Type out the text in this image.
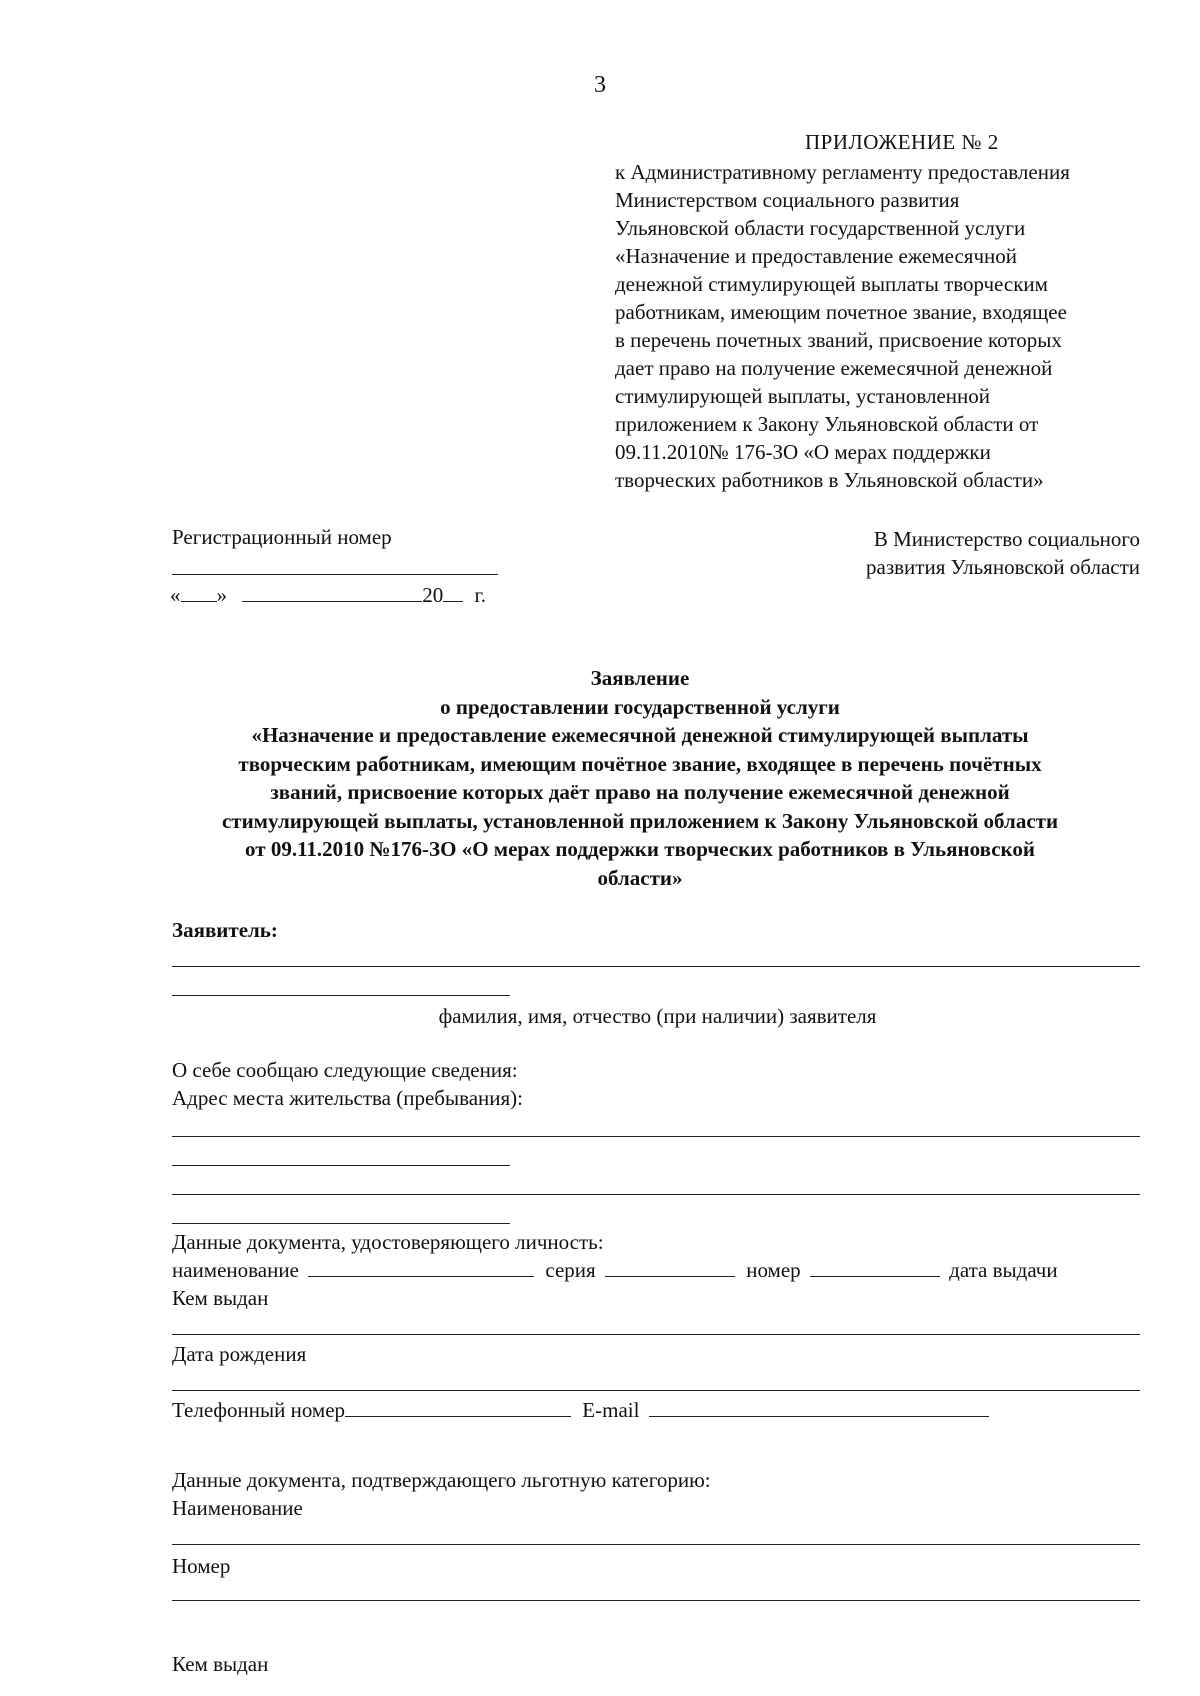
3
ПРИЛОЖЕНИЕ № 2
к Административному регламенту предоставления
Министерством социального развития
Ульяновской области государственной услуги
«Назначение и предоставление ежемесячной
денежной стимулирующей выплаты творческим
работникам, имеющим почетное звание, входящее
в перечень почетных званий, присвоение которых
дает право на получение ежемесячной денежной
стимулирующей выплаты, установленной
приложением к Закону Ульяновской области от
09.11.2010№ 176-ЗО «О мерах поддержки
творческих работников в Ульяновской области»
Регистрационный номер
« »	20 г.
В Министерство социального
развития Ульяновской области
Заявление
о предоставлении государственной услуги
«Назначение и предоставление ежемесячной денежной стимулирующей выплаты
творческим работникам, имеющим почётное звание, входящее в перечень почётных
званий, присвоение которых даёт право на получение ежемесячной денежной
стимулирующей выплаты, установленной приложением к Закону Ульяновской области
от 09.11.2010 №176-ЗО «О мерах поддержки творческих работников в Ульяновской
области»
Заявитель:
фамилия, имя, отчество (при наличии) заявителя
О себе сообщаю следующие сведения:
Адрес места жительства (пребывания):
Данные документа, удостоверяющего личность:
наименование	серия	номер	дата выдачи
Кем выдан
Дата рождения
Телефонный номер	E-mail
Данные документа, подтверждающего льготную категорию:
Наименование
Номер
Кем выдан
